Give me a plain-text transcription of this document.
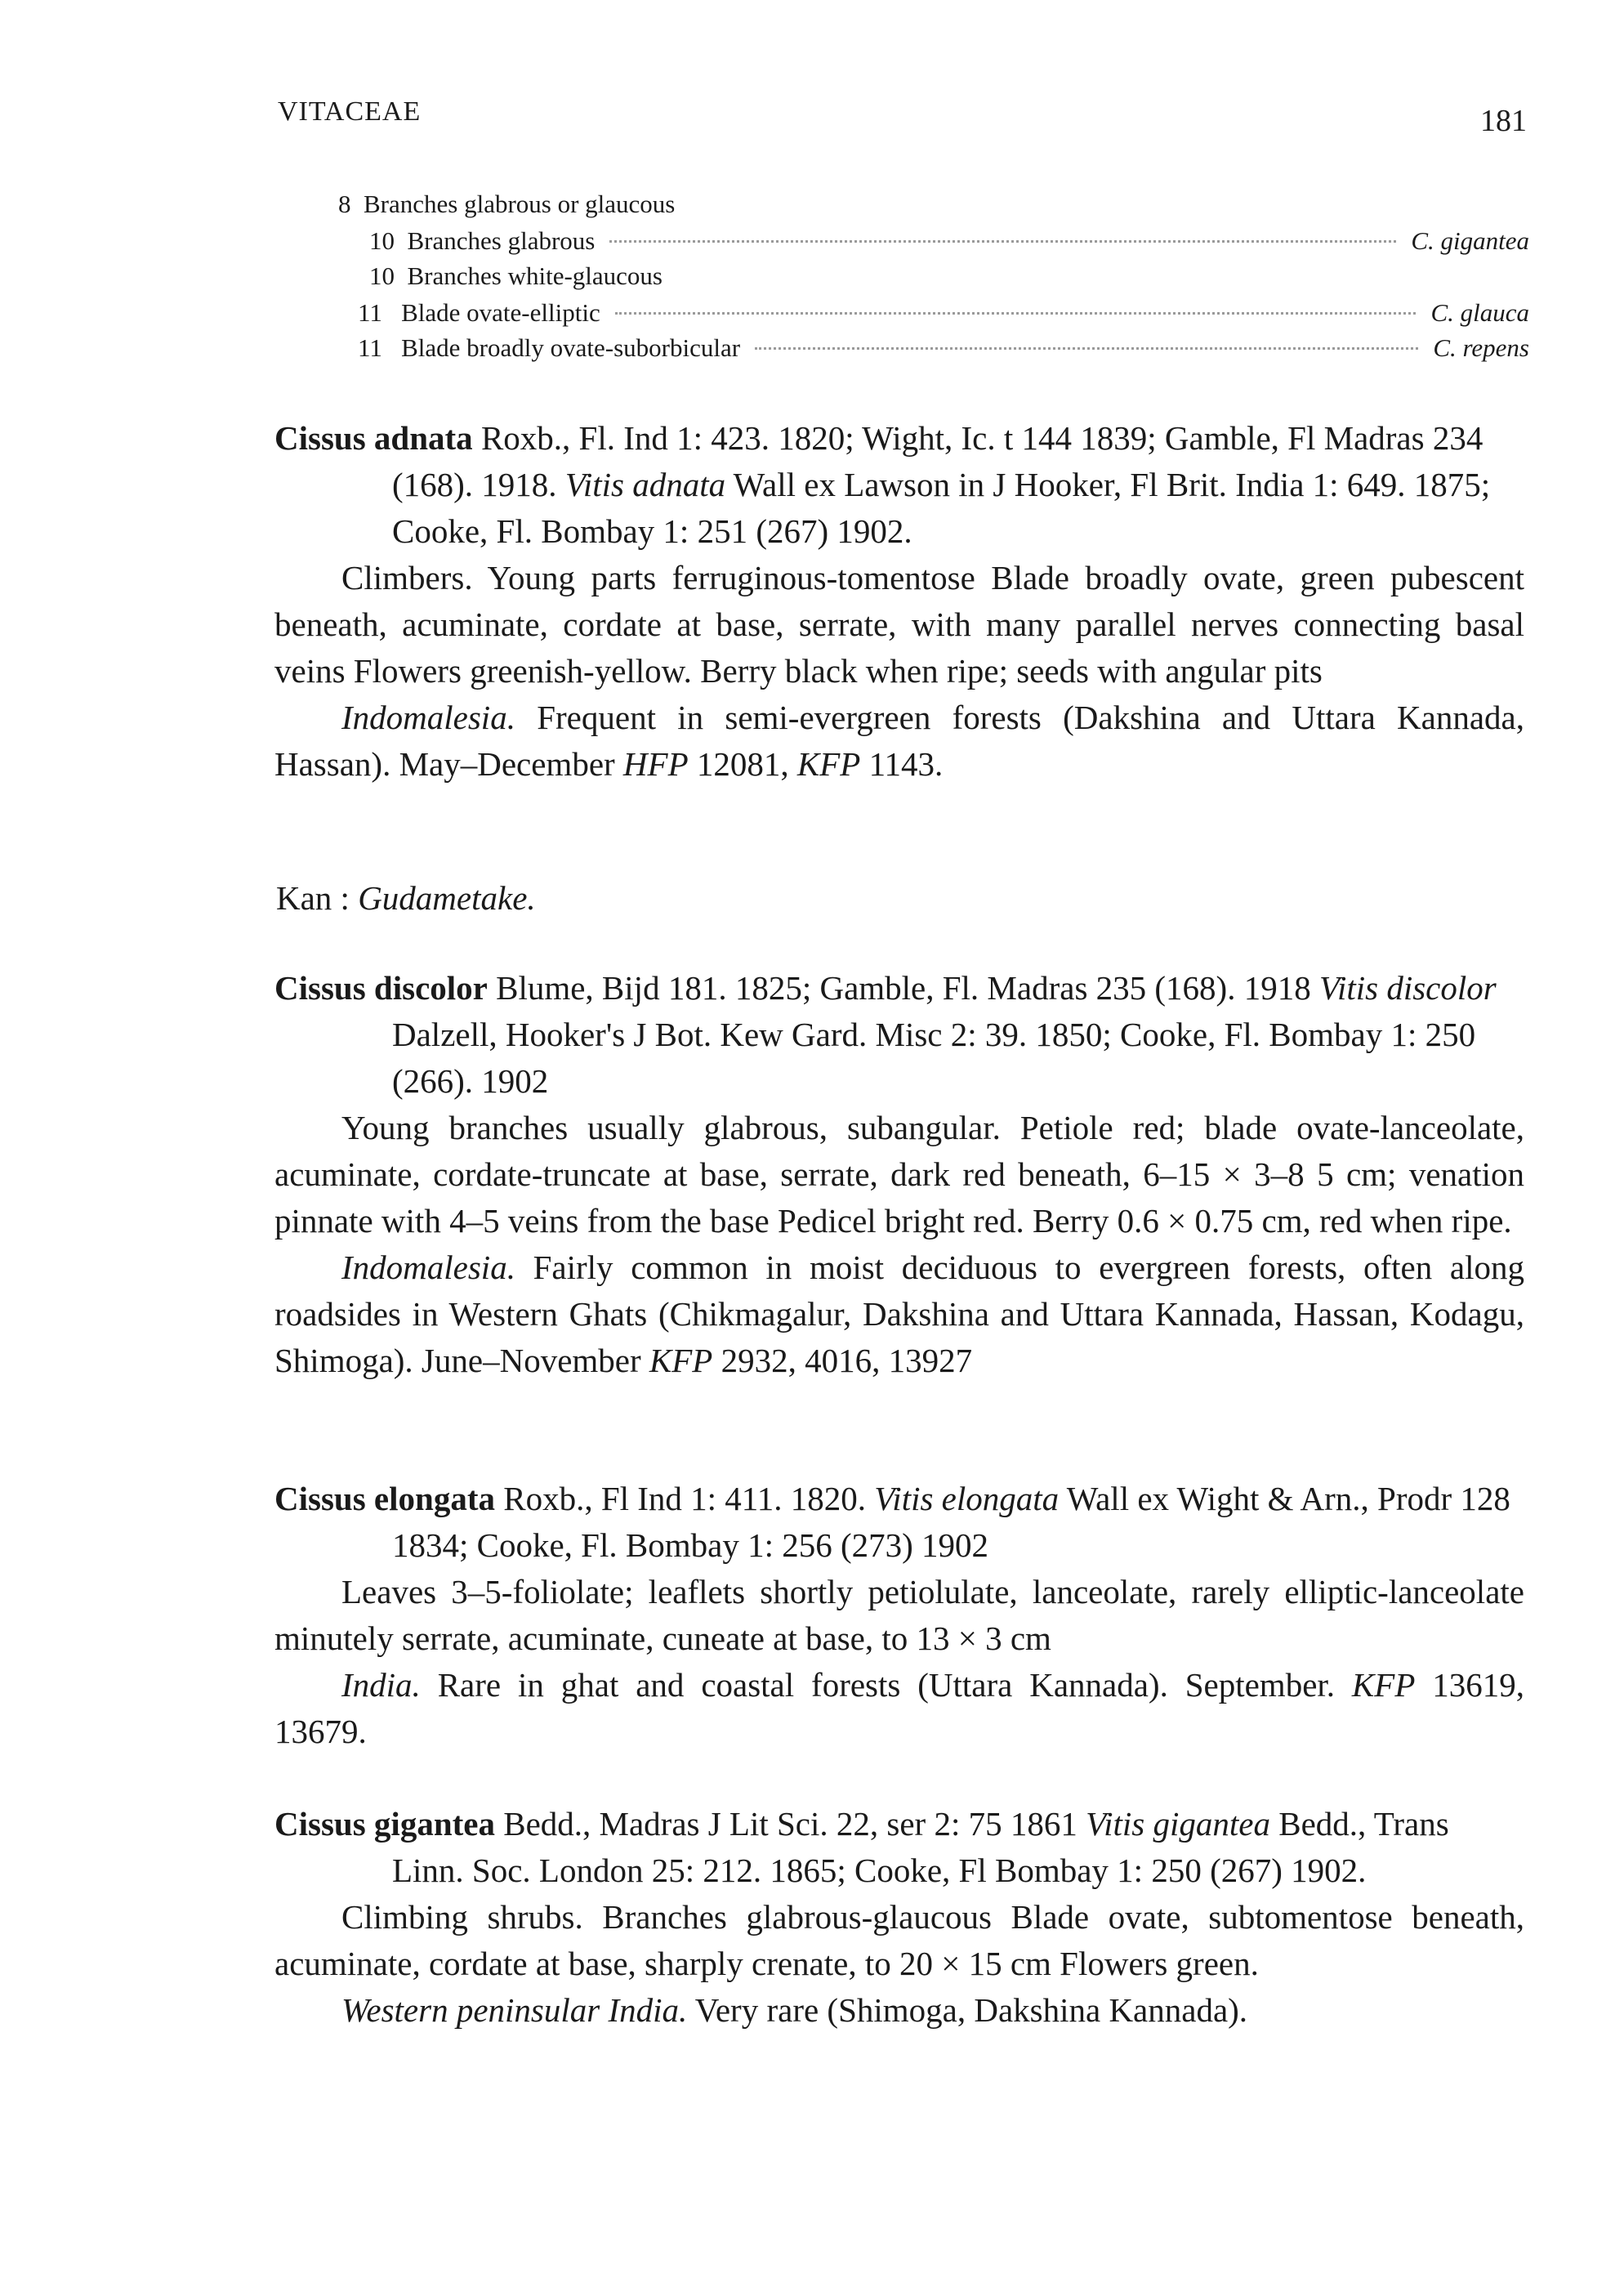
VITACEAE	181
8
Branches glabrous or glaucous
10
Branches glabrous	C. gigantea
10
Branches white-glaucous
11
Blade ovate-elliptic	C. glauca
11
Blade broadly ovate-suborbicular	C. repens

Cissus adnata Roxb., Fl. Ind 1: 423. 1820; Wight, Ic. t 144 1839; Gamble, Fl Madras 234 (168). 1918. Vitis adnata Wall ex Lawson in J Hooker, Fl Brit. India 1: 649. 1875; Cooke, Fl. Bombay 1: 251 (267) 1902.

Climbers. Young parts ferruginous-tomentose Blade broadly ovate, green pubescent beneath, acuminate, cordate at base, serrate, with many parallel nerves connecting basal veins Flowers greenish-yellow. Berry black when ripe; seeds with angular pits

Indomalesia. Frequent in semi-evergreen forests (Dakshina and Uttara Kannada, Hassan). May–December HFP 12081, KFP 1143.

Kan : Gudametake.

Cissus discolor Blume, Bijd 181. 1825; Gamble, Fl. Madras 235 (168). 1918 Vitis discolor Dalzell, Hooker's J Bot. Kew Gard. Misc 2: 39. 1850; Cooke, Fl. Bombay 1: 250 (266). 1902

Young branches usually glabrous, subangular. Petiole red; blade ovate-lanceolate, acuminate, cordate-truncate at base, serrate, dark red beneath, 6–15 × 3–8 5 cm; venation pinnate with 4–5 veins from the base Pedicel bright red. Berry 0.6 × 0.75 cm, red when ripe.

Indomalesia. Fairly common in moist deciduous to evergreen forests, often along roadsides in Western Ghats (Chikmagalur, Dakshina and Uttara Kannada, Hassan, Kodagu, Shimoga). June–November KFP 2932, 4016, 13927

Cissus elongata Roxb., Fl Ind 1: 411. 1820. Vitis elongata Wall ex Wight & Arn., Prodr 128 1834; Cooke, Fl. Bombay 1: 256 (273) 1902

Leaves 3–5-foliolate; leaflets shortly petiolulate, lanceolate, rarely elliptic-lanceolate minutely serrate, acuminate, cuneate at base, to 13 × 3 cm

India. Rare in ghat and coastal forests (Uttara Kannada). September. KFP 13619, 13679.

Cissus gigantea Bedd., Madras J Lit Sci. 22, ser 2: 75 1861 Vitis gigantea Bedd., Trans Linn. Soc. London 25: 212. 1865; Cooke, Fl Bombay 1: 250 (267) 1902.

Climbing shrubs. Branches glabrous-glaucous Blade ovate, subtomentose beneath, acuminate, cordate at base, sharply crenate, to 20 × 15 cm Flowers green.

Western peninsular India. Very rare (Shimoga, Dakshina Kannada).
